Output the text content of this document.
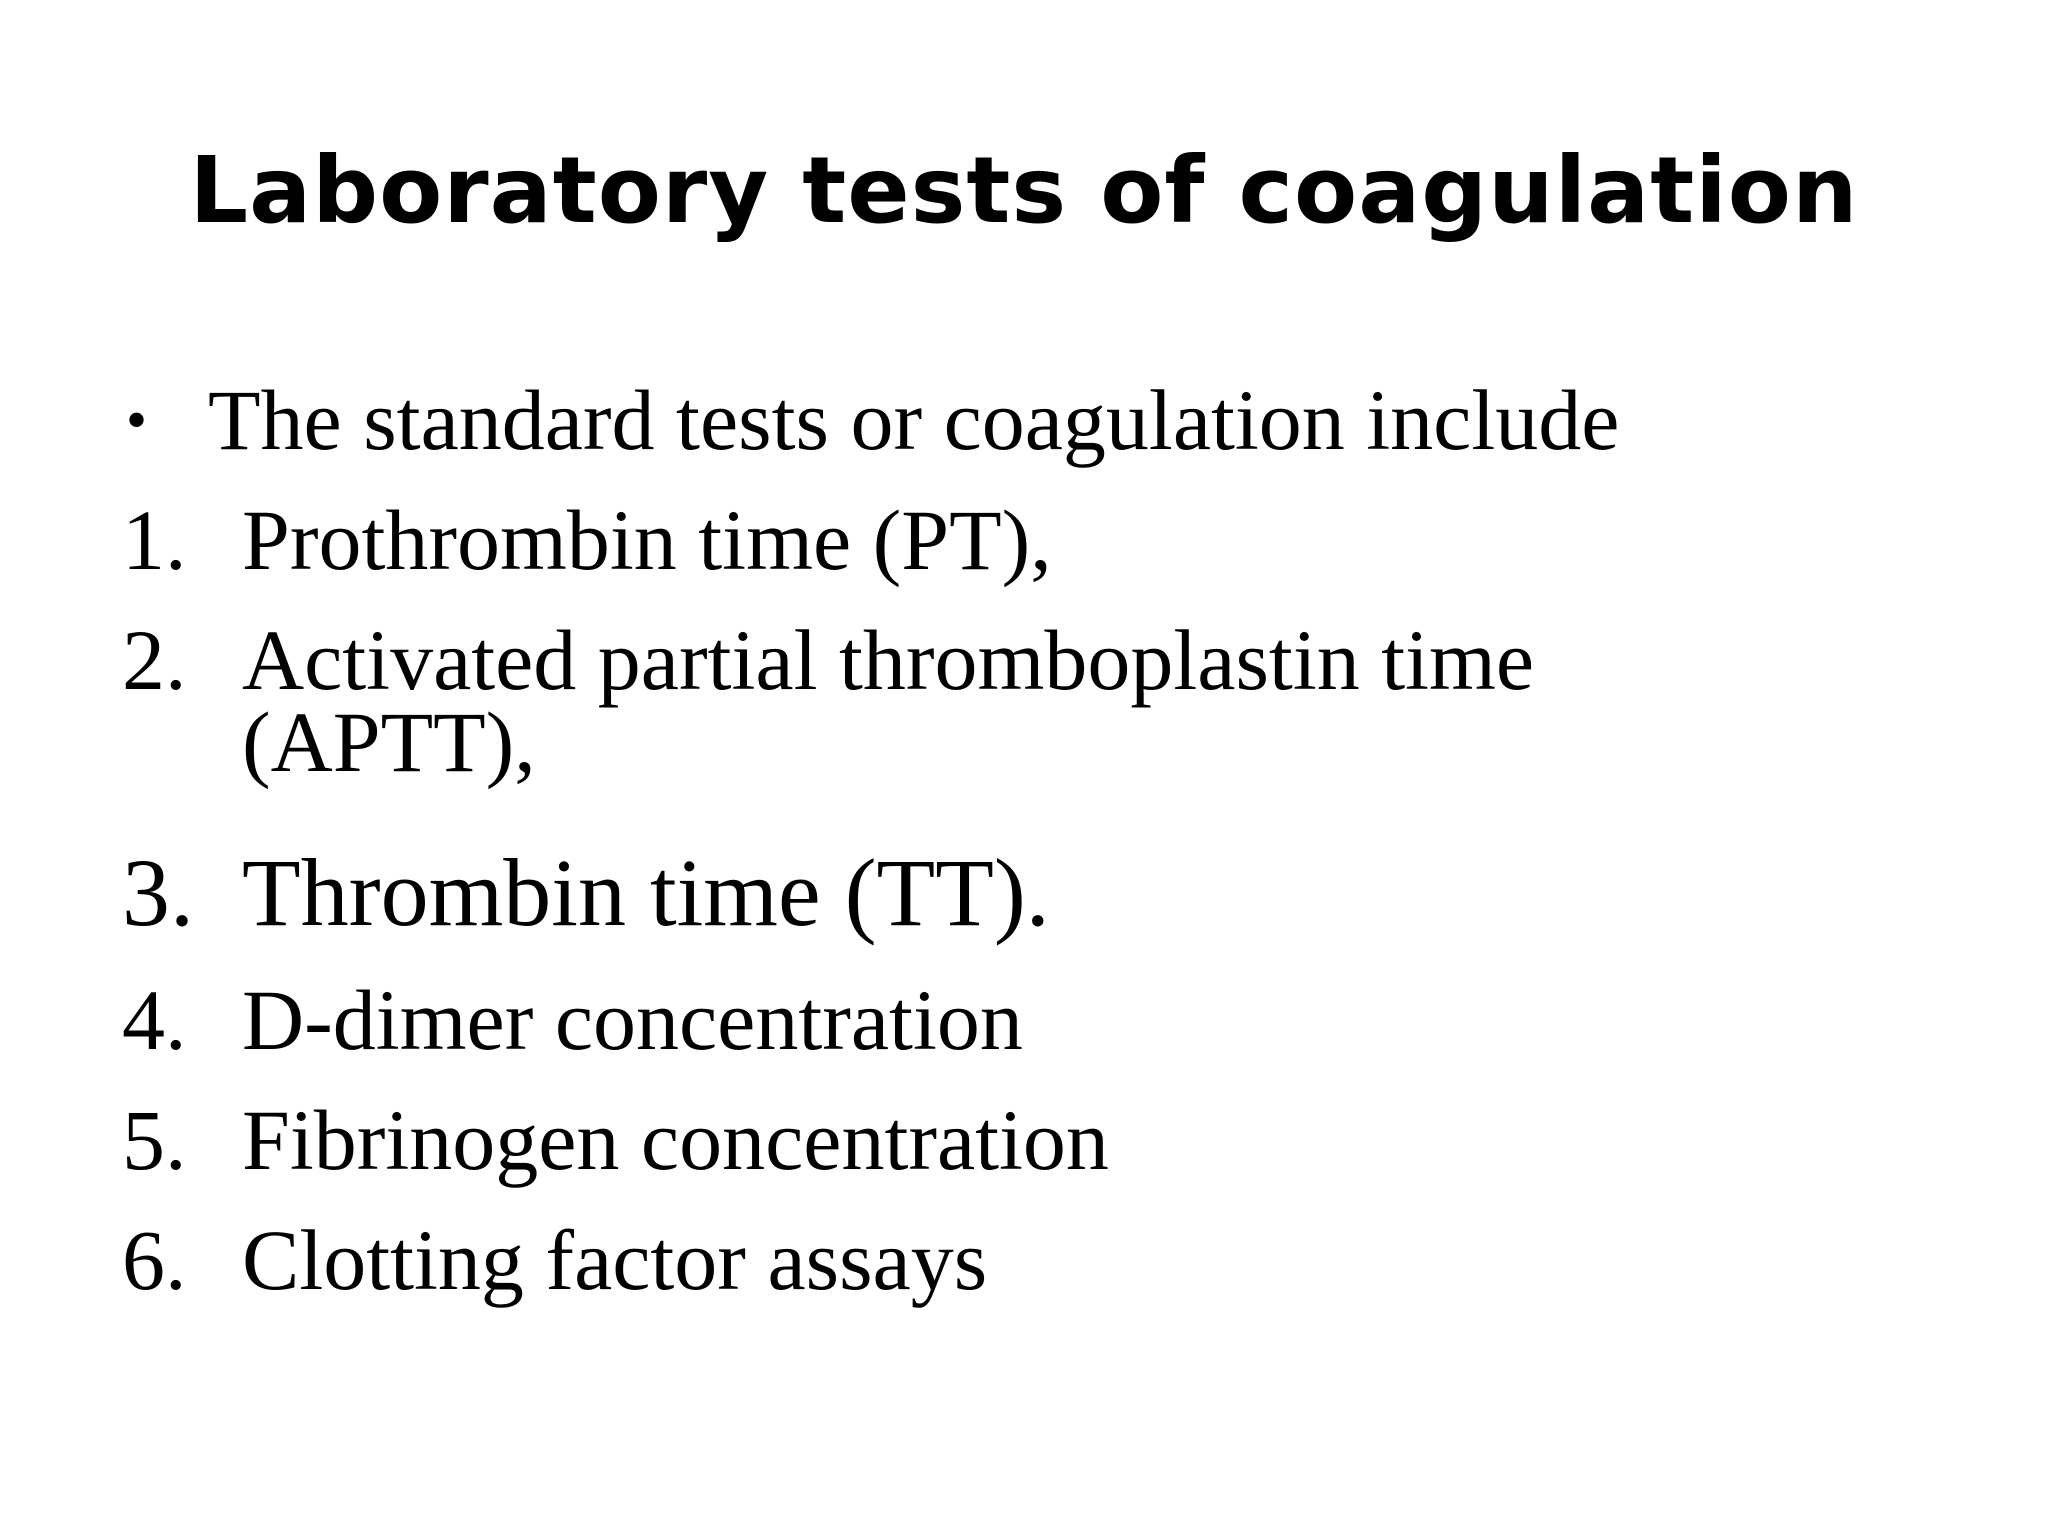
Laboratory tests of coagulation
• The standard tests or coagulation include
1. Prothrombin time (PT),
2. Activated partial thromboplastin time
(APTT),
3. Thrombin time (TT).
4. D-dimer concentration
5. Fibrinogen concentration
6. Clotting factor assays
